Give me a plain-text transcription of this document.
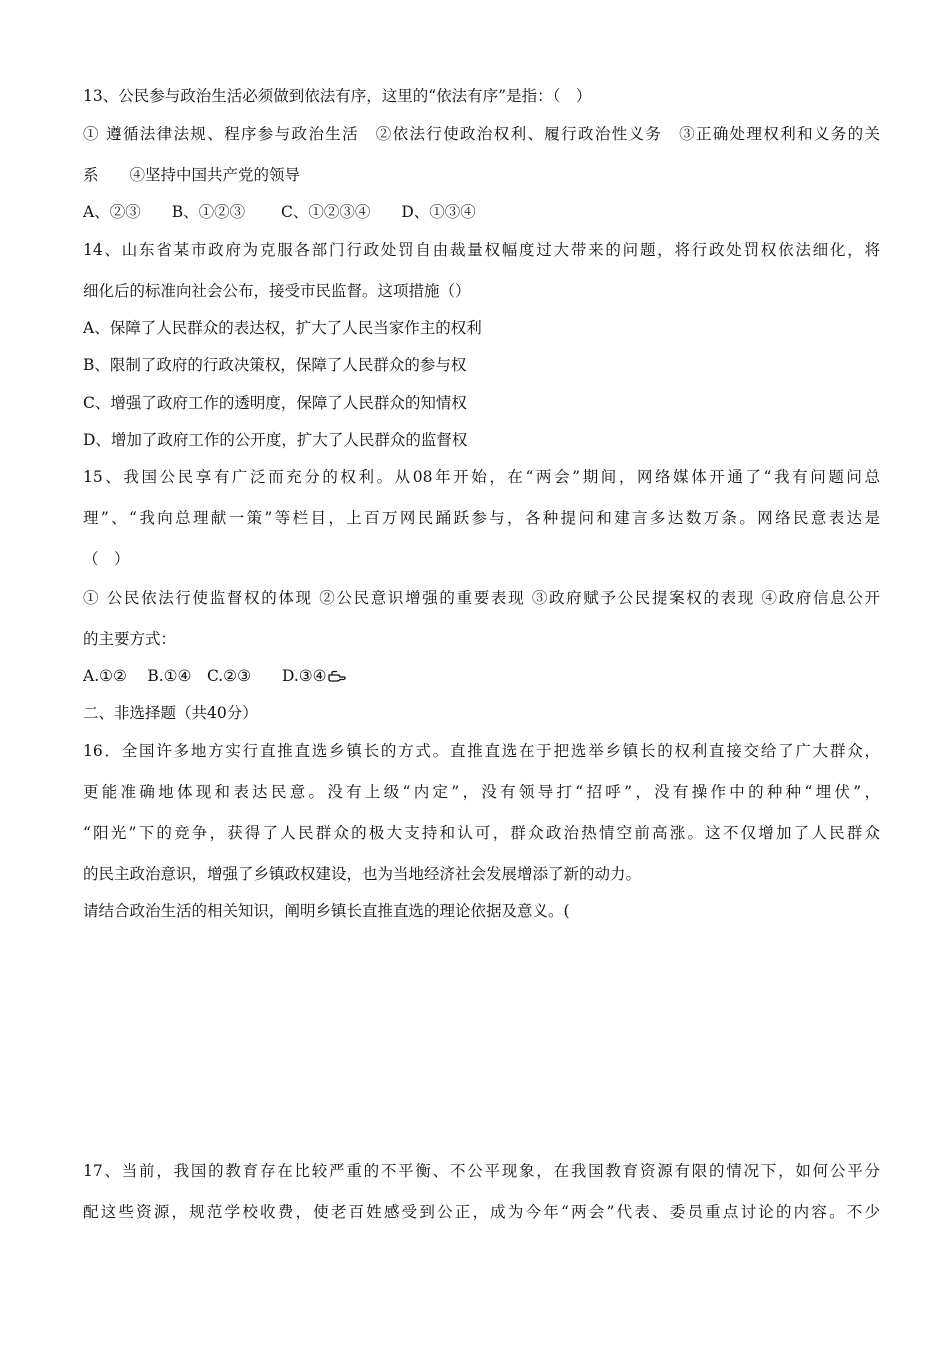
13、公民参与政治生活必须做到依法有序，这里的“依法有序”是指：（　）
① 遵循法律法规、程序参与政治生活　②依法行使政治权利、履行政治性义务　③正确处理权利和义务的关
系　　④坚持中国共产党的领导
A、②③　　B、①②③　　 C、①②③④　　D、①③④
14、山东省某市政府为克服各部门行政处罚自由裁量权幅度过大带来的问题，将行政处罚权依法细化，将
细化后的标准向社会公布，接受市民监督。这项措施（）
A、保障了人民群众的表达权，扩大了人民当家作主的权利
B、限制了政府的行政决策权，保障了人民群众的参与权
C、增强了政府工作的透明度，保障了人民群众的知情权
D、增加了政府工作的公开度，扩大了人民群众的监督权
15、我国公民享有广泛而充分的权利。从08年开始，在“两会”期间，网络媒体开通了“我有问题问总
理”、“我向总理献一策”等栏目，上百万网民踊跃参与，各种提问和建言多达数万条。网络民意表达是
（　）
① 公民依法行使监督权的体现 ②公民意识增强的重要表现 ③政府赋予公民提案权的表现 ④政府信息公开
的主要方式：
A.①②　 B.①④　C.②③　　D.③④
二、非选择题（共40分）
16．全国许多地方实行直推直选乡镇长的方式。直推直选在于把选举乡镇长的权利直接交给了广大群众，
更能准确地体现和表达民意。没有上级“内定”，没有领导打“招呼”，没有操作中的种种“埋伏”，
“阳光”下的竞争，获得了人民群众的极大支持和认可，群众政治热情空前高涨。这不仅增加了人民群众
的民主政治意识，增强了乡镇政权建设，也为当地经济社会发展增添了新的动力。
请结合政治生活的相关知识，阐明乡镇长直推直选的理论依据及意义。(
17、当前，我国的教育存在比较严重的不平衡、不公平现象，在我国教育资源有限的情况下，如何公平分
配这些资源，规范学校收费，使老百姓感受到公正，成为今年“两会”代表、委员重点讨论的内容。不少
